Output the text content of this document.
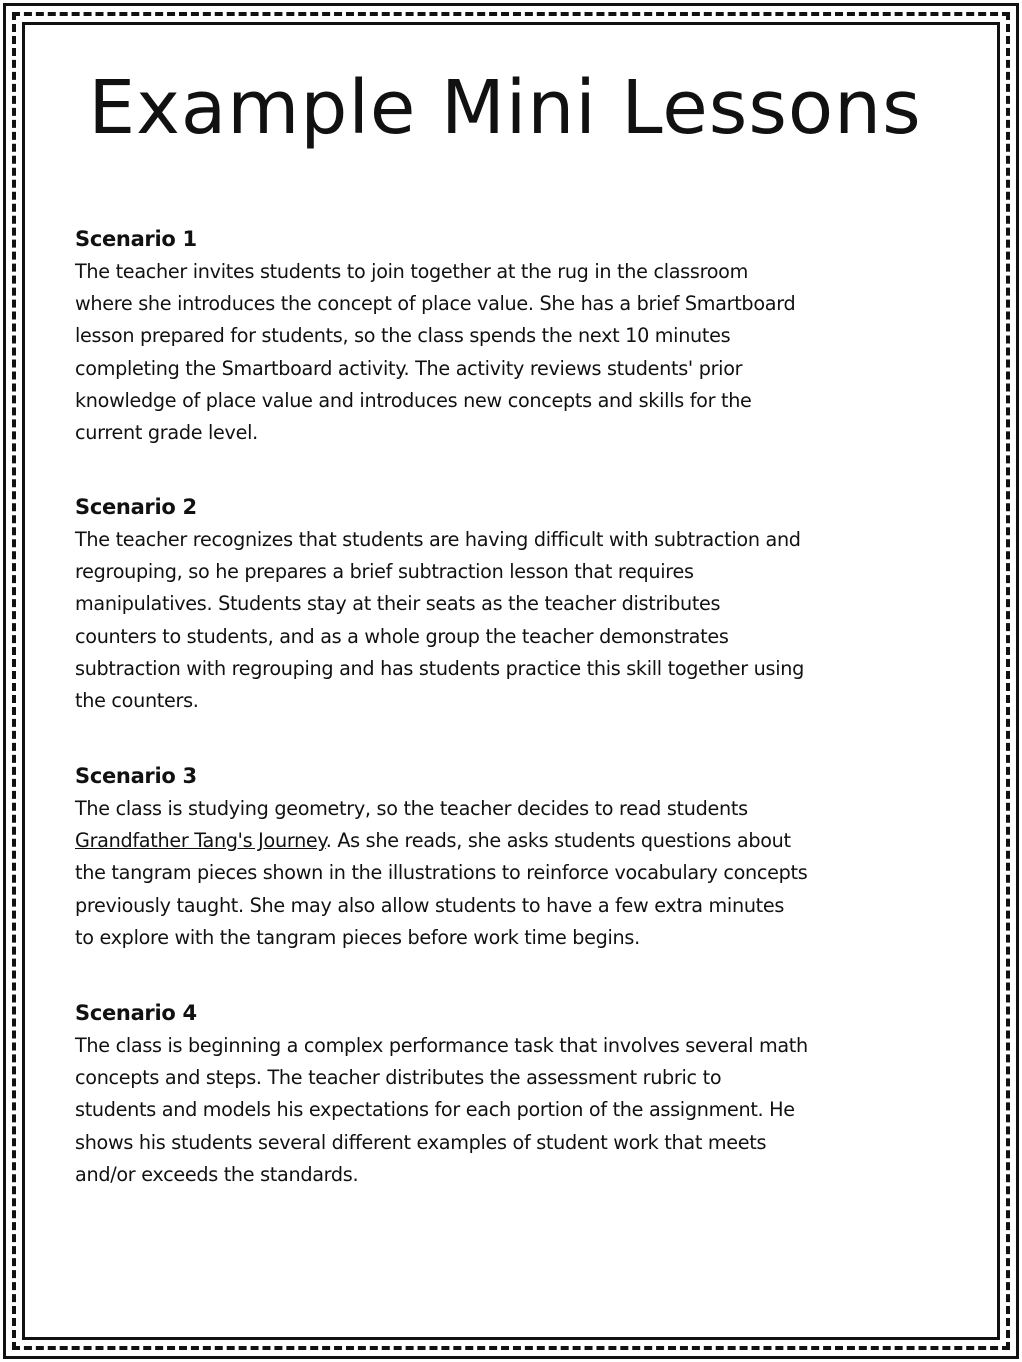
Example Mini Lessons
Scenario 1

The teacher invites students to join together at the rug in the classroom
where she introduces the concept of place value. She has a brief Smartboard
lesson prepared for students, so the class spends the next 10 minutes
completing the Smartboard activity. The activity reviews students' prior
knowledge of place value and introduces new concepts and skills for the
current grade level.

Scenario 2

The teacher recognizes that students are having difficult with subtraction and
regrouping, so he prepares a brief subtraction lesson that requires
manipulatives. Students stay at their seats as the teacher distributes
counters to students, and as a whole group the teacher demonstrates
subtraction with regrouping and has students practice this skill together using
the counters.

Scenario 3

The class is studying geometry, so the teacher decides to read students
Grandfather Tang's Journey. As she reads, she asks students questions about
the tangram pieces shown in the illustrations to reinforce vocabulary concepts
previously taught. She may also allow students to have a few extra minutes
to explore with the tangram pieces before work time begins.

Scenario 4

The class is beginning a complex performance task that involves several math
concepts and steps. The teacher distributes the assessment rubric to
students and models his expectations for each portion of the assignment. He
shows his students several different examples of student work that meets
and/or exceeds the standards.
